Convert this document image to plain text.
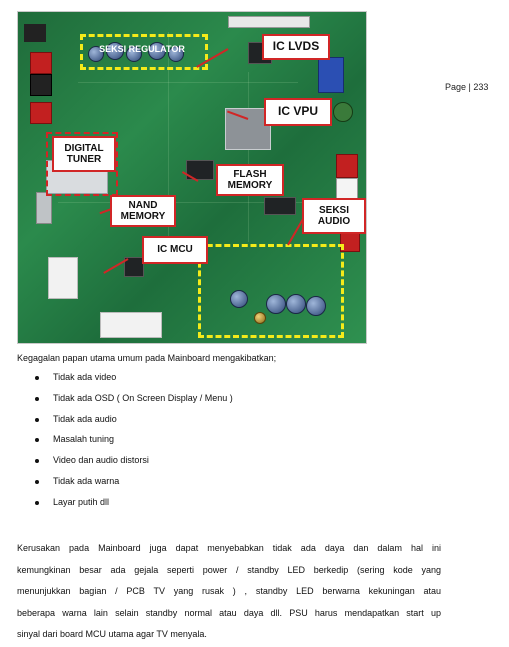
SEKSI REGULATOR	IC LVDS
IC VPU
DIGITAL TUNER
FLASH MEMORY
NAND MEMORY
SEKSI AUDIO
IC MCU
Page | 233
Kegagalan papan utama umum pada Mainboard mengakibatkan;
Tidak ada video
Tidak ada OSD ( On Screen Display / Menu )
Tidak ada audio
Masalah tuning
Video dan audio distorsi
Tidak ada warna
Layar putih dll
Kerusakan pada Mainboard juga dapat menyebabkan tidak ada daya dan dalam hal ini
kemungkinan besar ada gejala seperti power / standby LED berkedip (sering kode yang
menunjukkan bagian / PCB TV yang rusak ) , standby LED berwarna kekuningan atau
beberapa warna lain selain standby normal atau daya dll. PSU harus mendapatkan start up
sinyal dari board MCU utama agar TV menyala.
